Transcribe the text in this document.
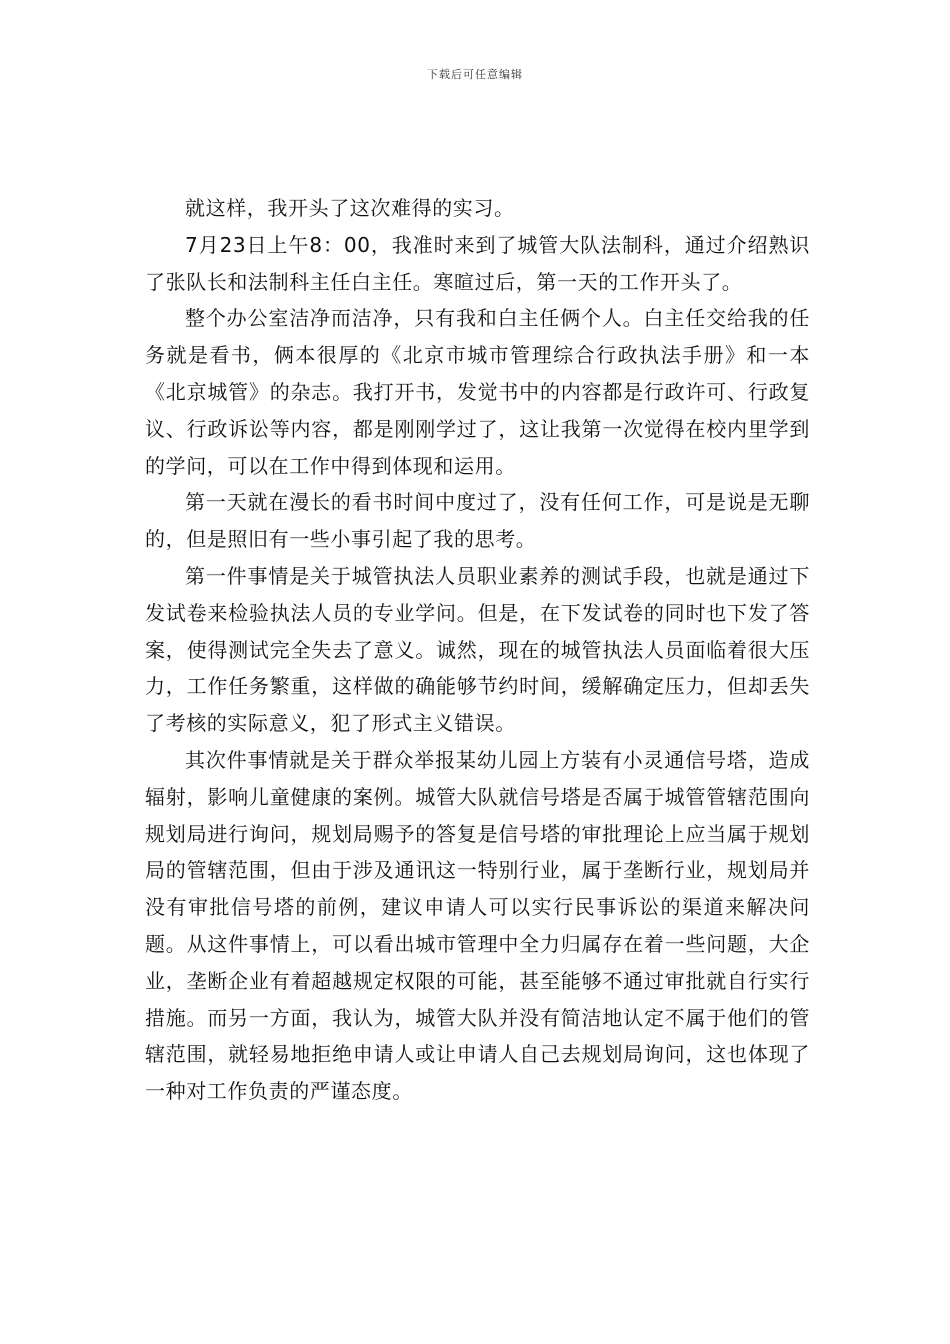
下载后可任意编辑

就这样，我开头了这次难得的实习。

7月23日上午8：00，我准时来到了城管大队法制科，通过介绍熟识了张队长和法制科主任白主任。寒暄过后，第一天的工作开头了。

整个办公室洁净而洁净，只有我和白主任俩个人。白主任交给我的任务就是看书，俩本很厚的《北京市城市管理综合行政执法手册》和一本《北京城管》的杂志。我打开书，发觉书中的内容都是行政许可、行政复议、行政诉讼等内容，都是刚刚学过了，这让我第一次觉得在校内里学到的学问，可以在工作中得到体现和运用。

第一天就在漫长的看书时间中度过了，没有任何工作，可是说是无聊的，但是照旧有一些小事引起了我的思考。

第一件事情是关于城管执法人员职业素养的测试手段，也就是通过下发试卷来检验执法人员的专业学问。但是，在下发试卷的同时也下发了答案，使得测试完全失去了意义。诚然，现在的城管执法人员面临着很大压力，工作任务繁重，这样做的确能够节约时间，缓解确定压力，但却丢失了考核的实际意义，犯了形式主义错误。

其次件事情就是关于群众举报某幼儿园上方装有小灵通信号塔，造成辐射，影响儿童健康的案例。城管大队就信号塔是否属于城管管辖范围向规划局进行询问，规划局赐予的答复是信号塔的审批理论上应当属于规划局的管辖范围，但由于涉及通讯这一特别行业，属于垄断行业，规划局并没有审批信号塔的前例，建议申请人可以实行民事诉讼的渠道来解决问题。从这件事情上，可以看出城市管理中全力归属存在着一些问题，大企业，垄断企业有着超越规定权限的可能，甚至能够不通过审批就自行实行措施。而另一方面，我认为，城管大队并没有简洁地认定不属于他们的管辖范围，就轻易地拒绝申请人或让申请人自己去规划局询问，这也体现了一种对工作负责的严谨态度。
